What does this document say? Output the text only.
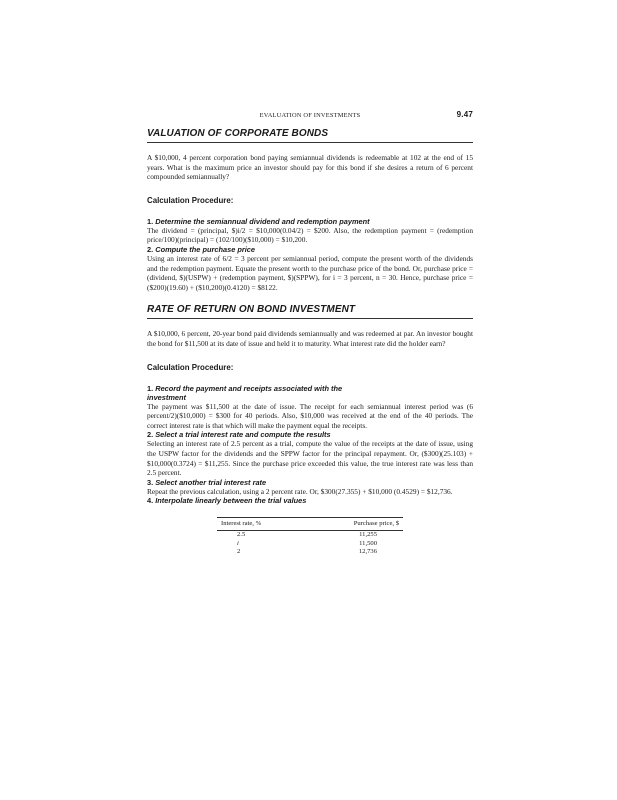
EVALUATION OF INVESTMENTS	9.47
VALUATION OF CORPORATE BONDS

A $10,000, 4 percent corporation bond paying semiannual dividends is redeemable at 102 at the end of 15 years. What is the maximum price an investor should pay for this bond if she desires a return of 6 percent compounded semiannually?

Calculation Procedure:
1. Determine the semiannual dividend and redemption payment

The dividend = (principal, $)i/2 = $10,000(0.04/2) = $200. Also, the redemption payment = (redemption price/100)(principal) = (102/100)($10,000) = $10,200.

2. Compute the purchase price

Using an interest rate of 6/2 = 3 percent per semiannual period, compute the present worth of the dividends and the redemption payment. Equate the present worth to the purchase price of the bond. Or, purchase price = (dividend, $)(USPW) + (redemption payment, $)(SPPW), for i = 3 percent, n = 30. Hence, purchase price = ($200)(19.60) + ($10,200)(0.4120) = $8122.

RATE OF RETURN ON BOND INVESTMENT

A $10,000, 6 percent, 20-year bond paid dividends semiannually and was redeemed at par. An investor bought the bond for $11,500 at its date of issue and held it to maturity. What interest rate did the holder earn?

Calculation Procedure:
1. Record the payment and receipts associated with the investment

The payment was $11,500 at the date of issue. The receipt for each semiannual interest period was (6 percent/2)($10,000) = $300 for 40 periods. Also, $10,000 was received at the end of the 40 periods. The correct interest rate is that which will make the payment equal the receipts.

2. Select a trial interest rate and compute the results

Selecting an interest rate of 2.5 percent as a trial, compute the value of the receipts at the date of issue, using the USPW factor for the dividends and the SPPW factor for the principal repayment. Or, ($300)(25.103) + $10,000(0.3724) = $11,255. Since the purchase price exceeded this value, the true interest rate was less than 2.5 percent.

3. Select another trial interest rate

Repeat the previous calculation, using a 2 percent rate. Or, $300(27.355) + $10,000 (0.4529) = $12,736.

4. Interpolate linearly between the trial values
Interest rate, %	Purchase price, $
2.5	11,255
i	11,500
2	12,736
